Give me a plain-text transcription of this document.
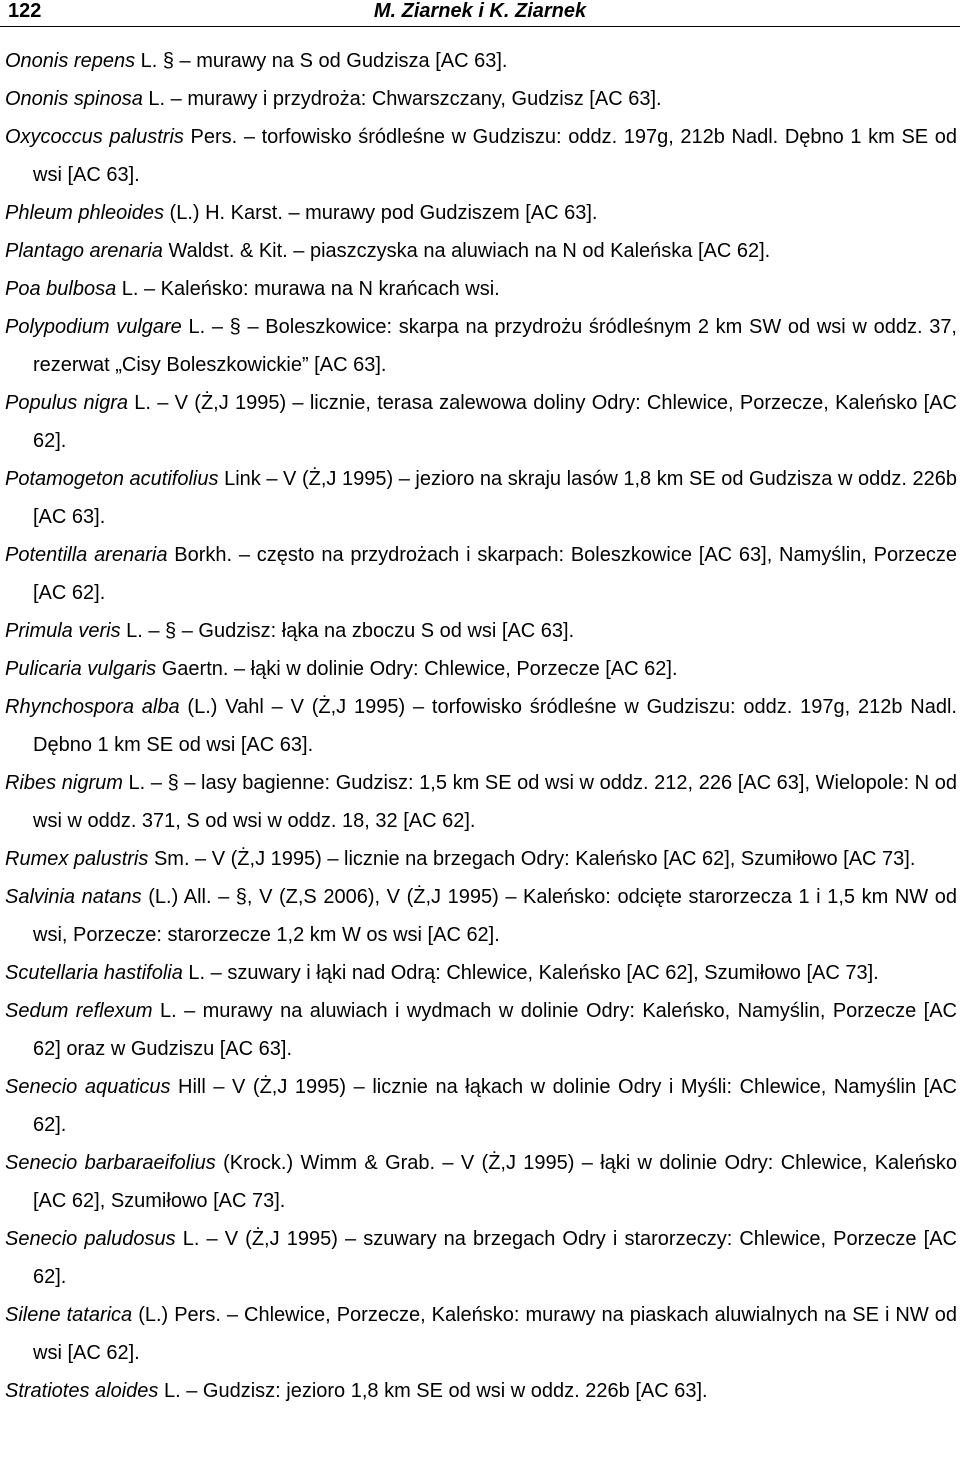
122	M. Ziarnek i K. Ziarnek

Ononis repens L. § – murawy na S od Gudzisza [AC 63].

Ononis spinosa L. – murawy i przydroża: Chwarszczany, Gudzisz [AC 63].

Oxycoccus palustris Pers. – torfowisko śródleśne w Gudziszu: oddz. 197g, 212b Nadl. Dębno 1 km SE od wsi [AC 63].

Phleum phleoides (L.) H. Karst. – murawy pod Gudziszem [AC 63].

Plantago arenaria Waldst. & Kit. – piaszczyska na aluwiach na N od Kaleńska [AC 62].

Poa bulbosa L. – Kaleńsko: murawa na N krańcach wsi.

Polypodium vulgare L. – § – Boleszkowice: skarpa na przydrożu śródleśnym 2 km SW od wsi w oddz. 37, rezerwat „Cisy Boleszkowickie” [AC 63].

Populus nigra L. – V (Ż,J 1995) – licznie, terasa zalewowa doliny Odry: Chlewice, Porzecze, Kaleńsko [AC 62].

Potamogeton acutifolius Link – V (Ż,J 1995) – jezioro na skraju lasów 1,8 km SE od Gudzisza w oddz. 226b [AC 63].

Potentilla arenaria Borkh. – często na przydrożach i skarpach: Boleszkowice [AC 63], Namyślin, Porzecze [AC 62].

Primula veris L. – § – Gudzisz: łąka na zboczu S od wsi [AC 63].

Pulicaria vulgaris Gaertn. – łąki w dolinie Odry: Chlewice, Porzecze [AC 62].

Rhynchospora alba (L.) Vahl – V (Ż,J 1995) – torfowisko śródleśne w Gudziszu: oddz. 197g, 212b Nadl. Dębno 1 km SE od wsi [AC 63].

Ribes nigrum L. – § – lasy bagienne: Gudzisz: 1,5 km SE od wsi w oddz. 212, 226 [AC 63], Wielopole: N od wsi w oddz. 371, S od wsi w oddz. 18, 32 [AC 62].

Rumex palustris Sm. – V (Ż,J 1995) – licznie na brzegach Odry: Kaleńsko [AC 62], Szumiłowo [AC 73].

Salvinia natans (L.) All. – §, V (Z,S 2006), V (Ż,J 1995) – Kaleńsko: odcięte starorzecza 1 i 1,5 km NW od wsi, Porzecze: starorzecze 1,2 km W os wsi [AC 62].

Scutellaria hastifolia L. – szuwary i łąki nad Odrą: Chlewice, Kaleńsko [AC 62], Szumiłowo [AC 73].

Sedum reflexum L. – murawy na aluwiach i wydmach w dolinie Odry: Kaleńsko, Namyślin, Porzecze [AC 62] oraz w Gudziszu [AC 63].

Senecio aquaticus Hill – V (Ż,J 1995) – licznie na łąkach w dolinie Odry i Myśli: Chlewice, Namyślin [AC 62].

Senecio barbaraeifolius (Krock.) Wimm & Grab. – V (Ż,J 1995) – łąki w dolinie Odry: Chlewice, Kaleńsko [AC 62], Szumiłowo [AC 73].

Senecio paludosus L. – V (Ż,J 1995) – szuwary na brzegach Odry i starorzeczy: Chlewice, Porzecze [AC 62].

Silene tatarica (L.) Pers. – Chlewice, Porzecze, Kaleńsko: murawy na piaskach aluwialnych na SE i NW od wsi [AC 62].

Stratiotes aloides L. – Gudzisz: jezioro 1,8 km SE od wsi w oddz. 226b [AC 63].
